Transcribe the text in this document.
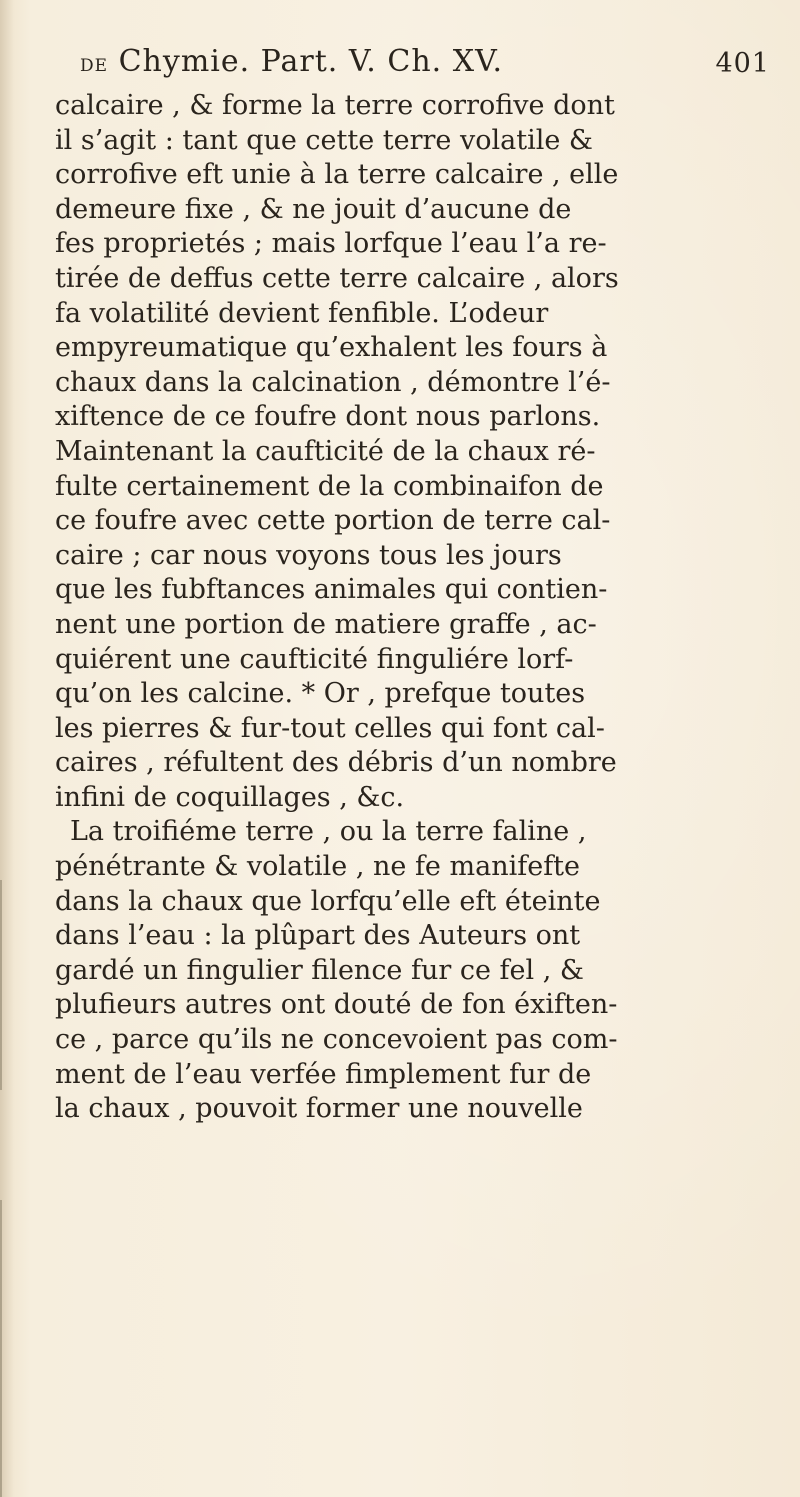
DE Chymie. Part. V. Ch. XV.	401
calcaire , & forme la terre corrofive dont
il s’agit : tant que cette terre volatile &
corrofive eft unie à la terre calcaire , elle
demeure fixe , & ne jouit d’aucune de
fes proprietés ; mais lorfque l’eau l’a re-
tirée de deffus cette terre calcaire , alors
fa volatilité devient fenfible. L’odeur
empyreumatique qu’exhalent les fours à
chaux dans la calcination , démontre l’é-
xiftence de ce foufre dont nous parlons.
Maintenant la caufticité de la chaux ré-
fulte certainement de la combinaifon de
ce foufre avec cette portion de terre cal-
caire ; car nous voyons tous les jours
que les fubftances animales qui contien-
nent une portion de matiere graffe , ac-
quiérent une caufticité finguliére lorf-
qu’on les calcine. * Or , prefque toutes
les pierres & fur-tout celles qui font cal-
caires , réfultent des débris d’un nombre
infini de coquillages , &c.
La troifiéme terre , ou la terre faline ,
pénétrante & volatile , ne fe manifefte
dans la chaux que lorfqu’elle eft éteinte
dans l’eau : la plûpart des Auteurs ont
gardé un fingulier filence fur ce fel , &
plufieurs autres ont douté de fon éxiften-
ce , parce qu’ils ne concevoient pas com-
ment de l’eau verfée fimplement fur de
la chaux , pouvoit former une nouvelle
